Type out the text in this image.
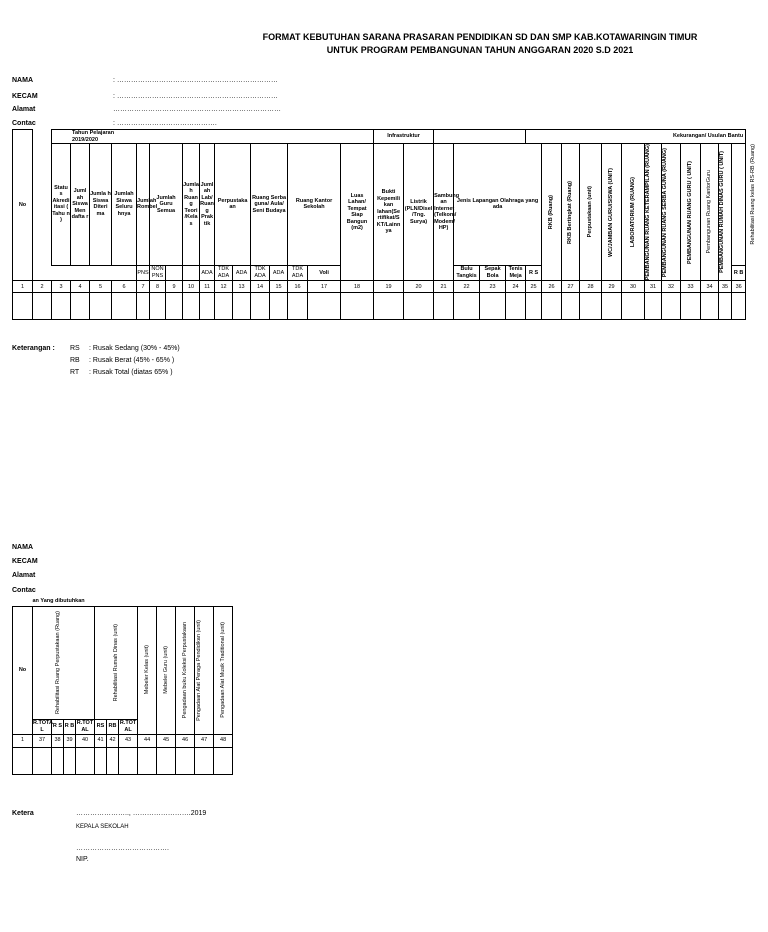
FORMAT KEBUTUHAN SARANA PRASARAN PENDIDIKAN SD DAN SMP KAB.KOTAWARINGIN TIMUR
UNTUK PROGRAM PEMBANGUNAN TAHUN ANGGARAN 2020 S.D 2021
NAMA	: ……………………………………………………………
KECAM	: ……………………………………………………………
Alamat	………………………………………………………………
Contac	: …………………………………….
No		Tahun Pelajaran 2019/2020																Infrastruktur						Kekurangan/ Usulan Bantu											
		Statu s Akredi itasi ( Tahu n )	Juml ah Siswa Men dafta r	Jumla h Siswa Diteri ma	Jumlah Siswa Seluru hnya	Jumlah Rombel	Jumlah Guru Semua		Jumla h Ruan g Teori /Kela s	Juml ah Lab/ Ruan g Prak tik	Perpustaka an		Ruang Serba guna/ Aula/ Seni Budaya		Ruang Kantor Sekolah		Luas Lahan/ Tempat Siap Bangun (m2)	Bukti Kepemili kan lahan(Se rtifikat/S KT/Lainn ya	Listrik (PLN/Disel /Tng. Surya)	Sambung an Internet (Telkom/ Modem/ HP)	Jenis Lapangan Olahraga yang ada				RKB (Ruang)	RKB Bertingkat (Ruang)	Perpustakaan (unit)	WC/JAMBAN GURU/SISWA (UNIT)	LABORATORIUM (RUANG)	PEMBANGUNAN RUANG KETERAMPILAN (RUANG)	PEMBANGUNAN RUANG SERBA GUNA (RUANG)	PEMBANGUNAN RUANG GURU ( UNIT)	Pembangunan Ruang KantorGuru	PEMBANGUNAN RUMAH DINAS GURU ( UNIT)	Rehabilitasi Ruang kelas RS-RB (Ruang)

						PNS	NON PNS			ADA	TDK ADA	ADA	TDK ADA	ADA	TDK ADA	Voli					Bulu Tangkis	Sepak Bola	Tenis Meja	R S											R B
1	2	3	4	5	6	7	8	9	10	11	12	13	14	15	16	17	18	19	20	21	22	23	24	25	26	27	28	29	30	31	32	33	34	35	36

Keterangan : RS : Rusak Sedang (30% - 45%)
RB : Rusak Berat (45% - 65% )
RT : Rusak Total (diatas 65% )
NAMA
KECAM
Alamat
Contac
	an Yang dibutuhkan											
No	Rehabilitasi Ruang Perpustakaan (Ruang)				Rehabilitasi Rumah Dinas (unit)			Mebeler Kelas (unit)	Mebeler Guru (unit)	Pengadaan buku Koleksi Perpustakaan	Pengadaan Alat Peraga Pendidikan (unit)	Pengadaan Alat Musik Traditional (unit)

	R.TOTA L	R S	R B	R.TOT AL	RS	RB	R.TOT AL					
1	37	38	39	40	41	42	43	44	45	46	47	48

Ketera	………………….., …………………….2019
KEPALA SEKOLAH
………………………………….
NIP.
